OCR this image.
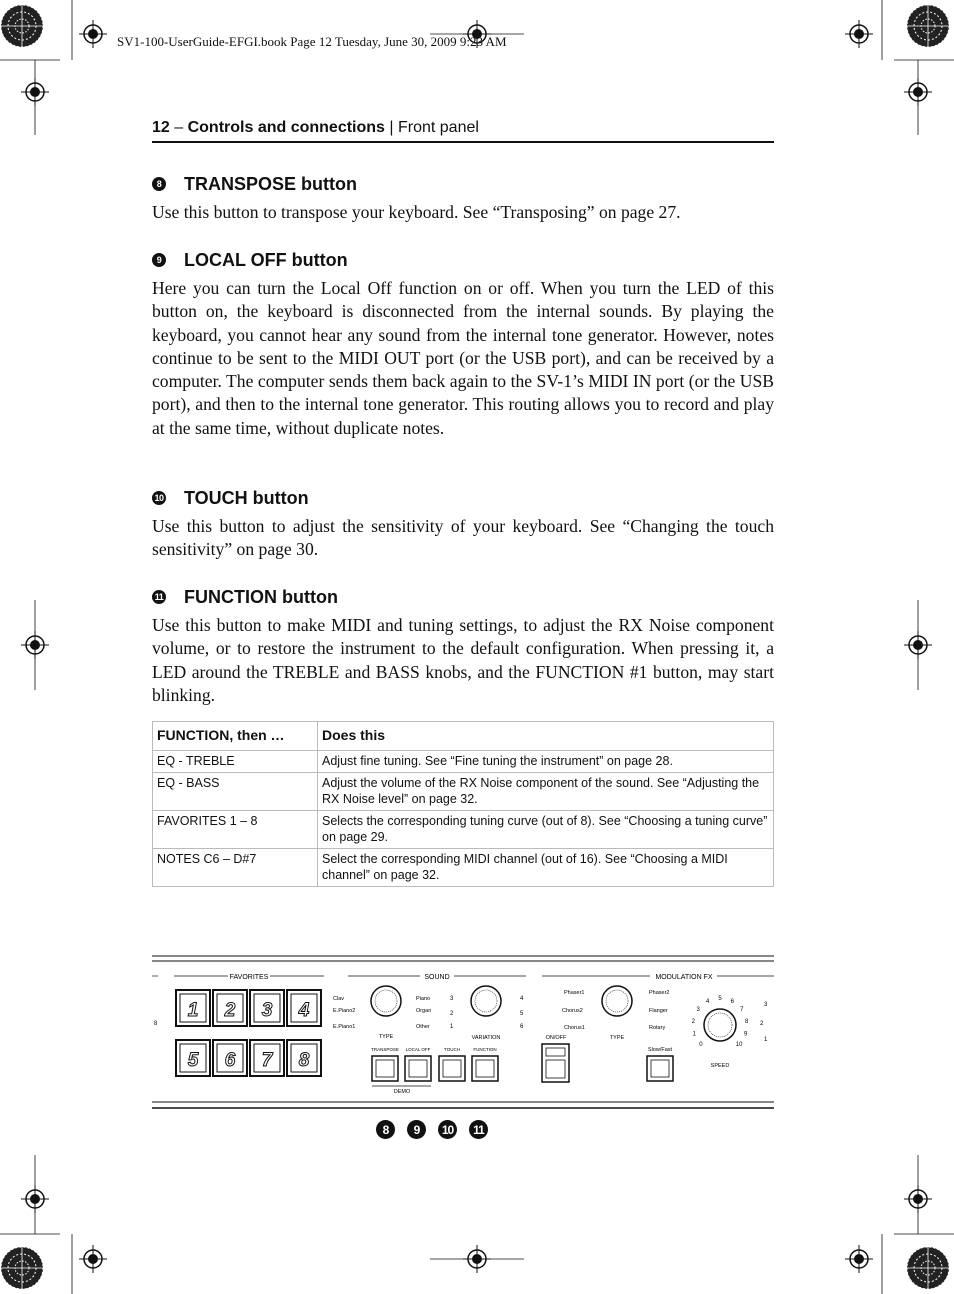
SV1-100-UserGuide-EFGI.book Page 12 Tuesday, June 30, 2009 9:23 AM
12 – Controls and connections | Front panel
8 TRANSPOSE button
Use this button to transpose your keyboard. See “Transposing” on page 27.
9 LOCAL OFF button
Here you can turn the Local Off function on or off. When you turn the LED of this button on, the keyboard is disconnected from the internal sounds. By playing the keyboard, you cannot hear any sound from the internal tone generator. However, notes continue to be sent to the MIDI OUT port (or the USB port), and can be received by a computer. The computer sends them back again to the SV-1’s MIDI IN port (or the USB port), and then to the internal tone generator. This routing allows you to record and play at the same time, without duplicate notes.
10 TOUCH button
Use this button to adjust the sensitivity of your keyboard. See “Changing the touch sensitivity” on page 30.
11 FUNCTION button
Use this button to make MIDI and tuning settings, to adjust the RX Noise component volume, or to restore the instrument to the default configuration. When pressing it, a LED around the TREBLE and BASS knobs, and the FUNCTION #1 button, may start blinking.
FUNCTION, then …	Does this
EQ - TREBLE	Adjust fine tuning. See “Fine tuning the instrument” on page 28.
EQ - BASS	Adjust the volume of the RX Noise component of the sound. See “Adjusting the RX Noise level” on page 32.
FAVORITES 1 – 8	Selects the corresponding tuning curve (out of 8). See “Choosing a tuning curve” on page 29.
NOTES C6 – D#7	Select the corresponding MIDI channel (out of 16). See “Choosing a MIDI channel” on page 32.
8
FAVORITES
1 2 3 4
5 6 7 8
SOUND
Clav	Piano
E.Piano2	Organ
E.Piano1	Other
TYPE
3	4
2	5
1	6
VARIATION
TRANSPOSE LOCAL OFF	TOUCH	FUNCTION
DEMO
MODULATION FX
Phaser1	Phaser2
Chorus2	Flanger
Chorus1	Rotary
TYPE
ON/OFF
Slow/Fast
0
1
2
3
4 5 6
7
8
9
10
SPEED
3
2
1
8	9	10	11
